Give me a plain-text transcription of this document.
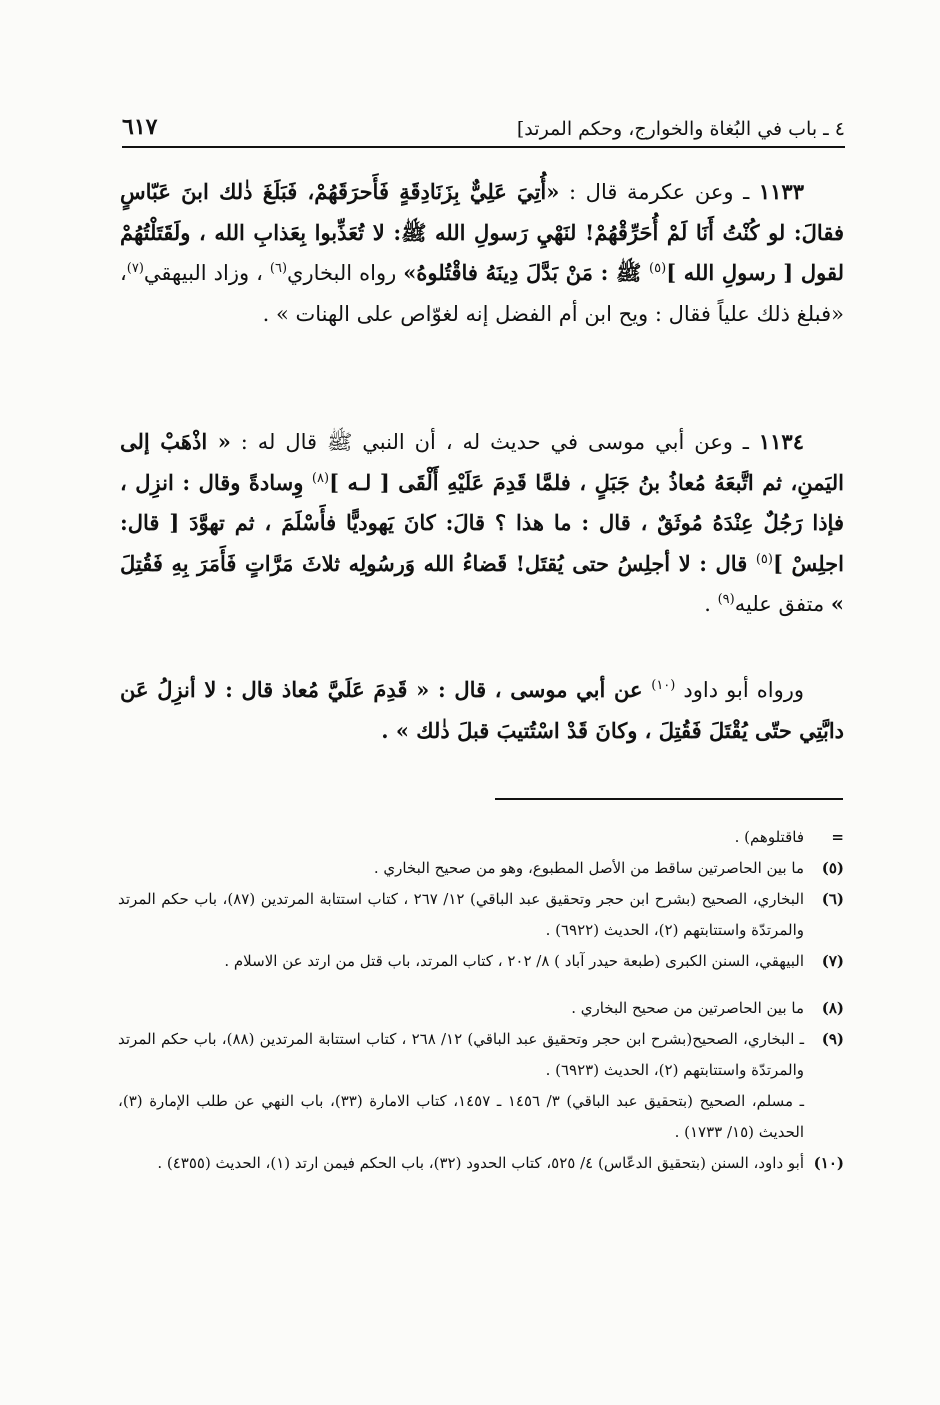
٤ ـ باب في البُغاة والخوارج، وحكم المرتد]
٦١٧

١١٣٣ ـ وعن عكرمة قال : «أُتِيَ عَلِيٌّ بِزَنَادِقَةٍ فَأَحرَقَهُمْ، فَبَلَغَ ذٰلك ابنَ عَبّاسٍ فقالَ: لو كُنْتُ أَنَا لَمْ أُحَرِّقْهُمْ! لنَهْيِ رَسولِ الله ﷺ: لا تُعَذِّبوا بِعَذابِ الله ، ولَقَتَلْتُهُمْ لقول [ رسولِ الله ]$^{(٥)}$ ﷺ : مَنْ بَدَّلَ دِينَهُ فاقْتُلوهُ» رواه البخاري$^{(٦)}$ ، وزاد البيهقي$^{(٧)}$، «فبلغ ذلك علياً فقال : ويح ابن أم الفضل إنه لغوّاص على الهنات » .

١١٣٤ ـ وعن أبي موسى في حديث له ، أن النبي ﷺ قال له : « اذْهَبْ إلى اليَمنِ، ثم اتَّبعَهُ مُعاذُ بنُ جَبَلٍ ، فلمَّا قَدِمَ عَلَيْهِ أَلْقَى [ لـه ]$^{(٨)}$ وِسادةً وقال : انزِل ، فإذا رَجُلٌ عِنْدَهُ مُوثَقٌ ، قال : ما هذا ؟ قالَ: كانَ يَهوديًّا فأَسْلَمَ ، ثم تهوَّدَ [ قال: اجلِسْ ]$^{(٥)}$ قال : لا أجلِسُ حتى يُقتَل! قَضاءُ الله وَرسُولِه ثلاثَ مَرَّاتٍ فَأَمَرَ بِهِ فَقُتِلَ » متفق عليه$^{(٩)}$ .

ورواه أبو داود $^{(١٠)}$ عن أبي موسى ، قال : « قَدِمَ عَلَيَّ مُعاذ قال : لا أنزِلُ عَن دابَّتِي حتّى يُقْتَلَ فَقُتِلَ ، وكانَ قَدْ اسْتُتيبَ قبلَ ذٰلك » .

=
فاقتلوهم) .
(٥)
ما بين الحاصرتين ساقط من الأصل المطبوع، وهو من صحيح البخاري .
(٦)
البخاري، الصحيح (بشرح ابن حجر وتحقيق عبد الباقي) ١٢/ ٢٦٧ ، كتاب استتابة المرتدين (٨٧)، باب حكم المرتد والمرتدّة واستتابتهم (٢)، الحديث (٦٩٢٢) .
(٧)
البيهقي، السنن الكبرى (طبعة حيدر آباد ) ٨/ ٢٠٢ ، كتاب المرتد، باب قتل من ارتد عن الاسلام .
(٨)
ما بين الحاصرتين من صحيح البخاري .
(٩)
ـ البخاري، الصحيح(بشرح ابن حجر وتحقيق عبد الباقي) ١٢/ ٢٦٨ ، كتاب استتابة المرتدين (٨٨)، باب حكم المرتد والمرتدّة واستتابتهم (٢)، الحديث (٦٩٢٣) .
ـ مسلم، الصحيح (بتحقيق عبد الباقي) ٣/ ١٤٥٦ ـ ١٤٥٧، كتاب الامارة (٣٣)، باب النهي عن طلب الإمارة (٣)، الحديث (١٥/ ١٧٣٣) .
(١٠)
أبو داود، السنن (بتحقيق الدعّاس) ٤/ ٥٢٥، كتاب الحدود (٣٢)، باب الحكم فيمن ارتد (١)، الحديث (٤٣٥٥) .
